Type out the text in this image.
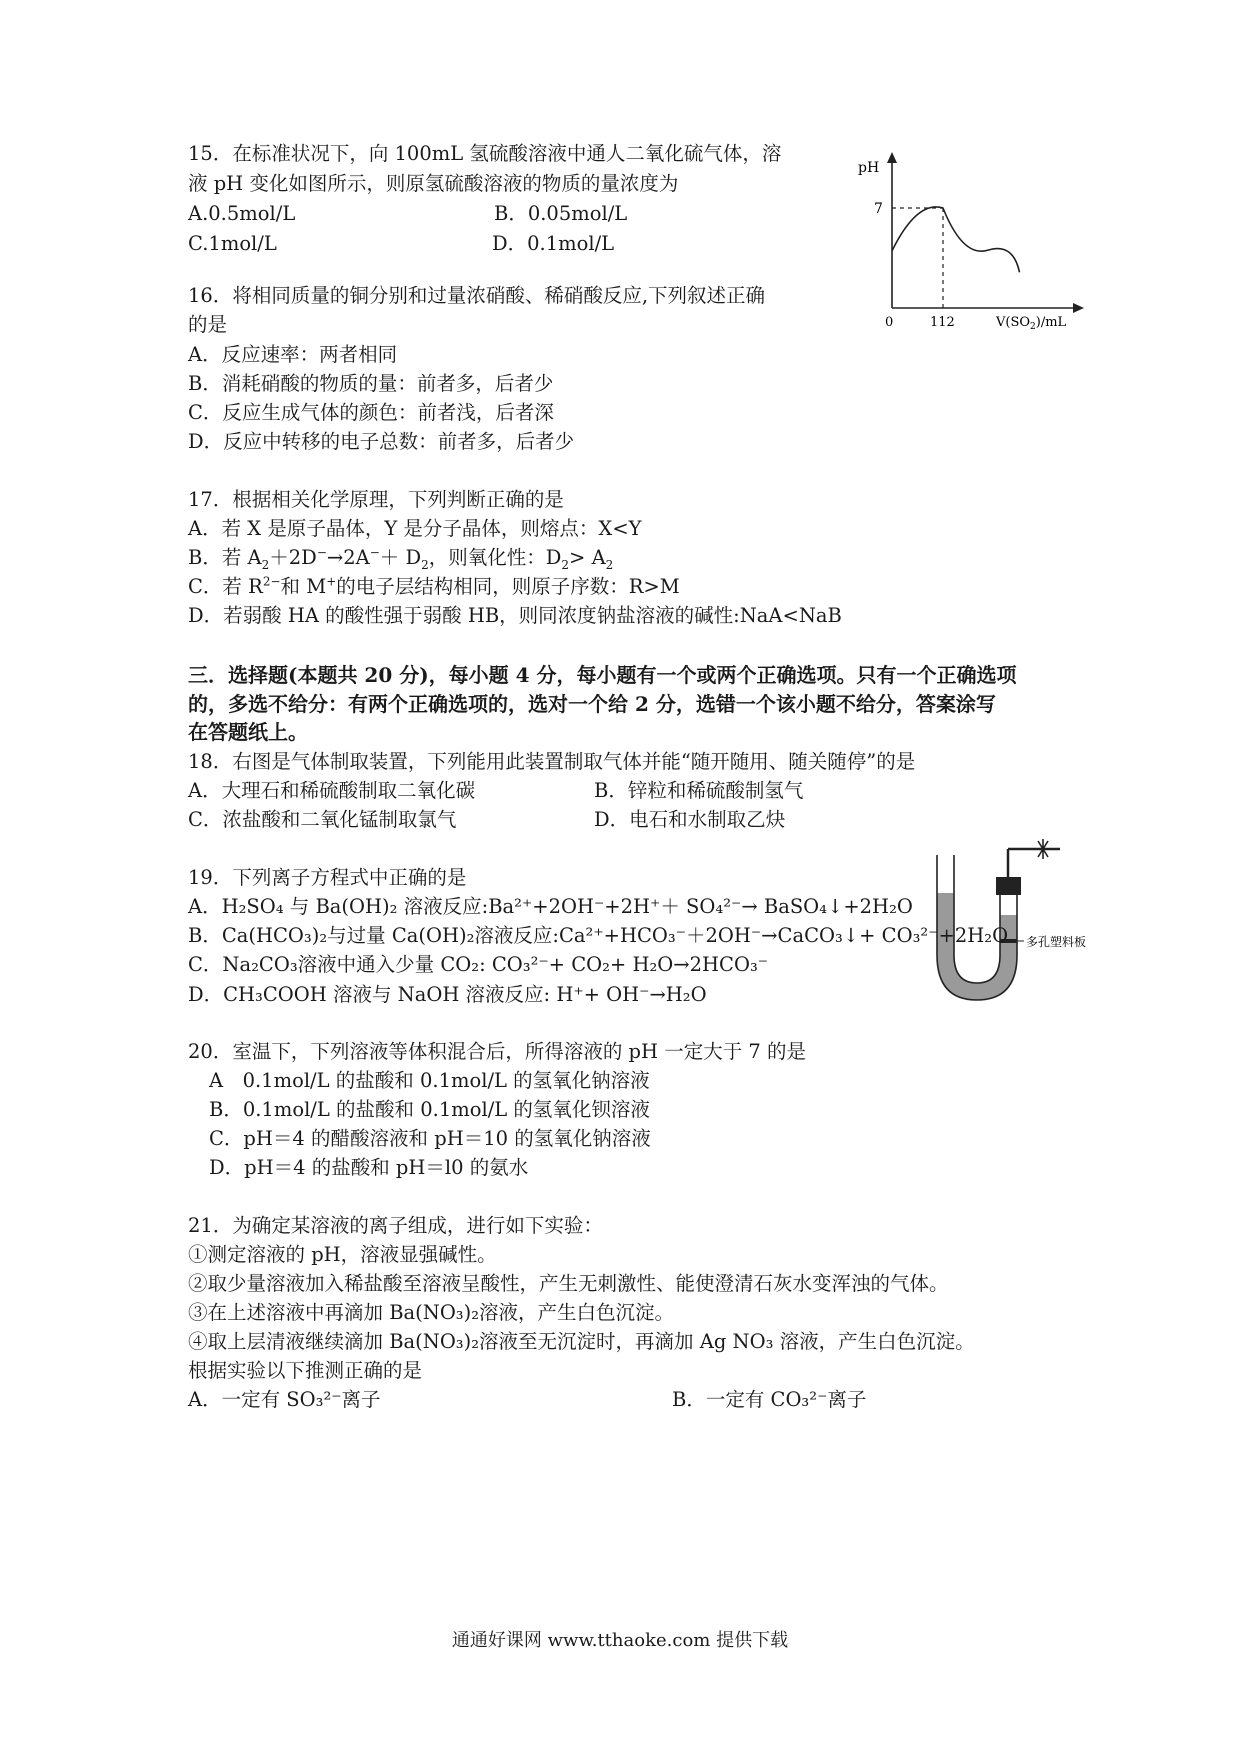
15．在标准状况下，向 100mL 氢硫酸溶液中通人二氧化硫气体，溶
液 pH 变化如图所示，则原氢硫酸溶液的物质的量浓度为
A.0.5mol/L	B．0.05mol/L
C.1mol/L	D．0.1mol/L
pH
7
0	112	$V(SO_2)/mL$
16．将相同质量的铜分别和过量浓硝酸、稀硝酸反应,下列叙述正确
的是
A．反应速率：两者相同
B．消耗硝酸的物质的量：前者多，后者少
C．反应生成气体的颜色：前者浅，后者深
D．反应中转移的电子总数：前者多，后者少
17．根据相关化学原理，下列判断正确的是
A．若 X 是原子晶体，Y 是分子晶体，则熔点：X<Y
B．若 $A_2+2D^-\to 2A^-+ D_2$，则氧化性：$D_2> A_2$
C．若 $R^{2-}$和 M+的电子层结构相同，则原子序数：R>M
D．若弱酸 HA 的酸性强于弱酸 HB，则同浓度钠盐溶液的碱性:NaA<NaB
三．选择题(本题共 20 分)，每小题 4 分，每小题有一个或两个正确选项。只有一个正确选项
的，多选不给分：有两个正确选项的，选对一个给 2 分，选错一个该小题不给分，答案涂写
在答题纸上。
18．右图是气体制取装置，下列能用此装置制取气体并能“随开随用、随关随停”的是
A．大理石和稀硫酸制取二氧化碳	B．锌粒和稀硫酸制氢气
C．浓盐酸和二氧化锰制取氯气	D．电石和水制取乙炔
多孔塑料板
19．下列离子方程式中正确的是
A．H₂SO₄ 与 Ba(OH)₂ 溶液反应:Ba²⁺+2OH⁻+2H⁺＋ SO₄²⁻→ BaSO₄↓+2H₂O
B．Ca(HCO₃)₂与过量 Ca(OH)₂溶液反应:Ca²⁺+HCO₃⁻＋2OH⁻→CaCO₃↓+ CO₃²⁻+2H₂O
C．Na₂CO₃溶液中通入少量 CO₂: CO₃²⁻+ CO₂+ H₂O→2HCO₃⁻
D．CH₃COOH 溶液与 NaOH 溶液反应: H⁺+ OH⁻→H₂O
20．室温下，下列溶液等体积混合后，所得溶液的 pH 一定大于 7 的是
A　0.1mol/L 的盐酸和 0.1mol/L 的氢氧化钠溶液
B．0.1mol/L 的盐酸和 0.1mol/L 的氢氧化钡溶液
C．pH＝4 的醋酸溶液和 pH＝10 的氢氧化钠溶液
D．pH＝4 的盐酸和 pH＝l0 的氨水
21．为确定某溶液的离子组成，进行如下实验：
①测定溶液的 pH，溶液显强碱性。
②取少量溶液加入稀盐酸至溶液呈酸性，产生无刺激性、能使澄清石灰水变浑浊的气体。
③在上述溶液中再滴加 Ba(NO₃)₂溶液，产生白色沉淀。
④取上层清液继续滴加 Ba(NO₃)₂溶液至无沉淀时，再滴加 Ag NO₃ 溶液，产生白色沉淀。
根据实验以下推测正确的是
A．一定有 SO₃²⁻离子	B．一定有 CO₃²⁻离子
通通好课网 www.tthaoke.com 提供下载
